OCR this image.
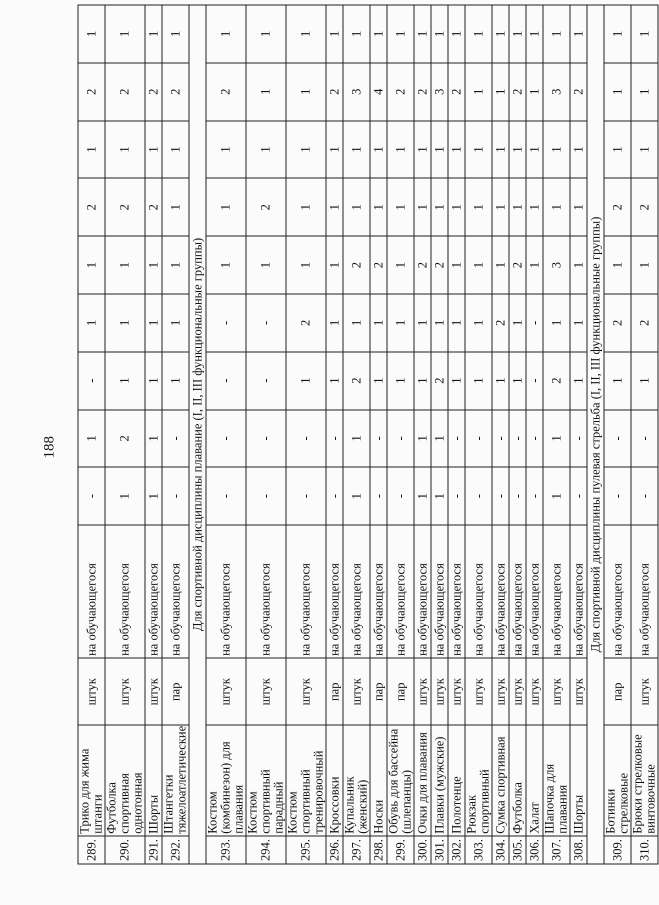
188
289.	Трико для жима штанги	штук	на обучающегося	-	1	-	1	1	2	1	2	1
290.	Футболка спортивная однотонная	штук	на обучающегося	1	2	1	1	1	2	1	2	1
291.	Шорты	штук	на обучающегося	1	1	1	1	1	2	1	2	1
292.	Штангетки тяжелоатлетические	пар	на обучающегося	-	-	1	1	1	1	1	2	1
Для спортивной дисциплины плавание (I, II, III функциональные группы)												
293.	Костюм (комбинезон) для плавания	штук	на обучающегося	-	-	-	-	1	1	1	2	1
294.	Костюм спортивный парадный	штук	на обучающегося	-	-	-	-	1	2	1	1	1
295.	Костюм спортивный тренировочный	штук	на обучающегося	-	-	1	2	1	1	1	1	1
296.	Кроссовки	пар	на обучающегося	-	-	1	1	1	1	1	2	1
297.	Купальник (женский)	штук	на обучающегося	1	1	2	1	2	1	1	3	1
298.	Носки	пар	на обучающегося	-	-	1	1	2	1	1	4	1
299.	Обувь для бассейна (шлепанцы)	пар	на обучающегося	-	-	1	1	1	1	1	2	1
300.	Очки для плавания	штук	на обучающегося	1	1	1	1	2	1	1	2	1
301.	Плавки (мужские)	штук	на обучающегося	1	1	2	1	2	1	1	3	1
302.	Полотенце	штук	на обучающегося	-	-	1	1	1	1	1	2	1
303.	Рюкзак спортивный	штук	на обучающегося	-	-	1	1	1	1	1	1	1
304.	Сумка спортивная	штук	на обучающегося	-	-	1	2	1	1	1	1	1
305.	Футболка	штук	на обучающегося	-	-	1	1	2	1	1	2	1
306.	Халат	штук	на обучающегося	-	-	-	-	1	1	1	1	1
307.	Шапочка для плавания	штук	на обучающегося	1	1	2	1	3	1	1	3	1
308.	Шорты	штук	на обучающегося	-	-	1	1	1	1	1	2	1
Для спортивной дисциплины пулевая стрельба (I, II, III функциональные группы)												
309.	Ботинки стрелковые	пар	на обучающегося	-	-	1	2	1	2	1	1	1
310.	Брюки стрелковые винтовочные	штук	на обучающегося	-	-	1	2	1	2	1	1	1
